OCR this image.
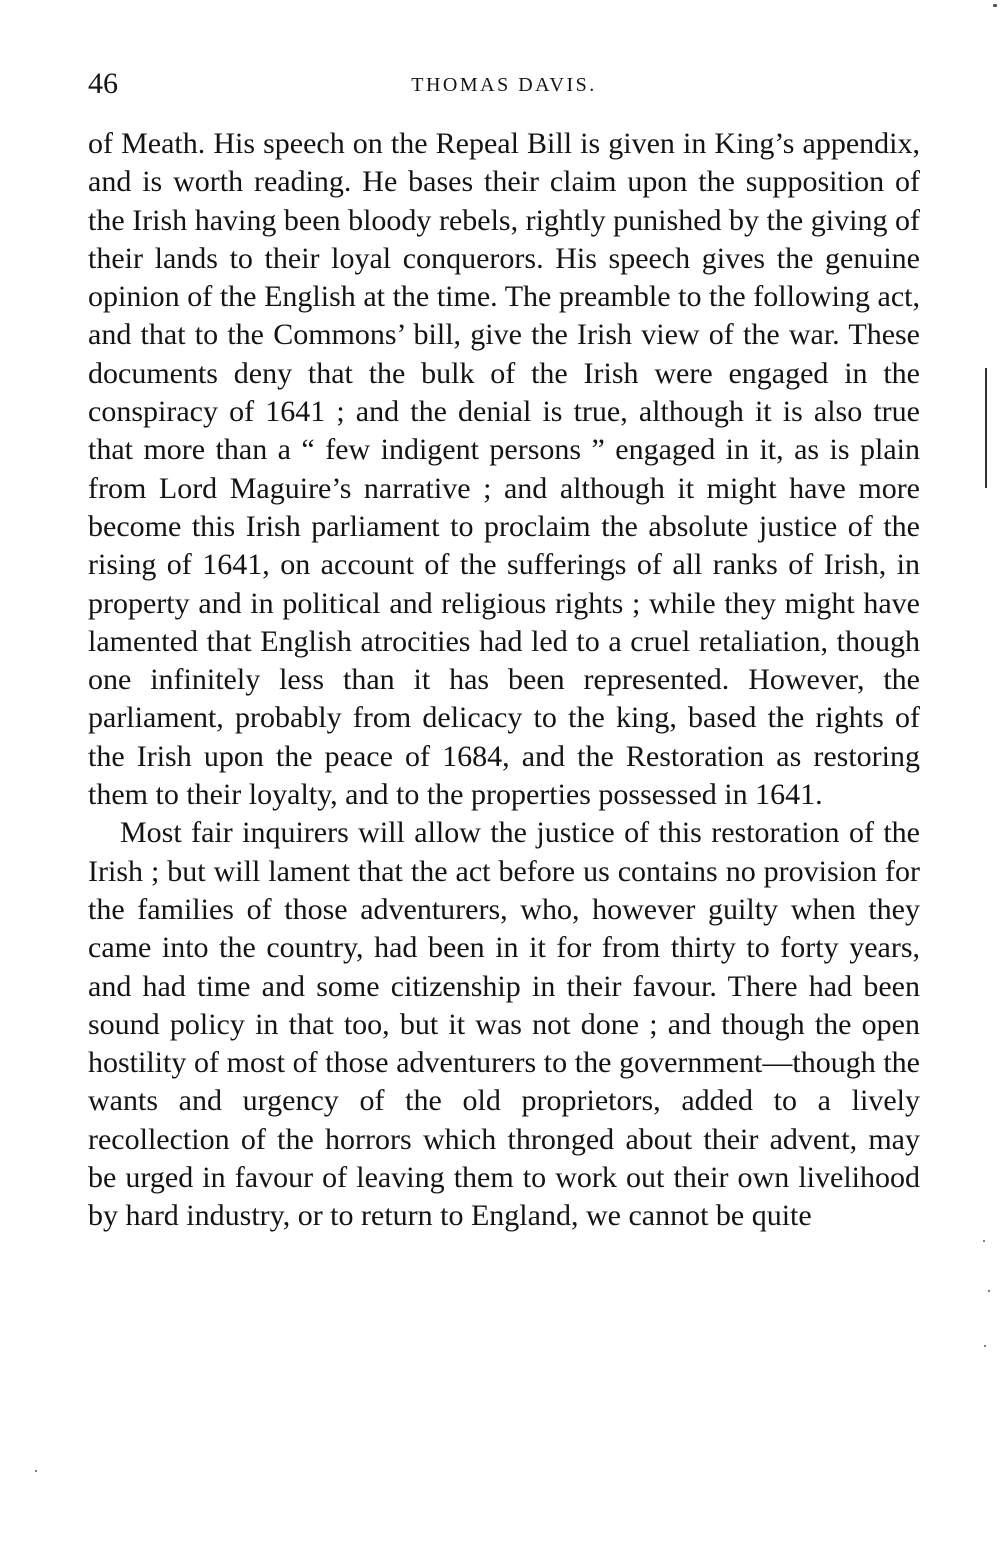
46	THOMAS DAVIS.

of Meath. His speech on the Repeal Bill is given in King’s appendix, and is worth reading. He bases their claim upon the supposition of the Irish having been bloody rebels, rightly punished by the giving of their lands to their loyal conquerors. His speech gives the genuine opinion of the English at the time. The preamble to the following act, and that to the Commons’ bill, give the Irish view of the war. These documents deny that the bulk of the Irish were engaged in the conspiracy of 1641 ; and the denial is true, although it is also true that more than a “ few indigent persons ” engaged in it, as is plain from Lord Maguire’s narrative ; and although it might have more become this Irish parliament to proclaim the absolute justice of the rising of 1641, on account of the sufferings of all ranks of Irish, in property and in political and religious rights ; while they might have lamented that English atrocities had led to a cruel retaliation, though one infinitely less than it has been represented. However, the parliament, probably from delicacy to the king, based the rights of the Irish upon the peace of 1684, and the Restoration as restoring them to their loyalty, and to the properties possessed in 1641.

Most fair inquirers will allow the justice of this restoration of the Irish ; but will lament that the act before us contains no provision for the families of those adventurers, who, however guilty when they came into the country, had been in it for from thirty to forty years, and had time and some citizenship in their favour. There had been sound policy in that too, but it was not done ; and though the open hostility of most of those adventurers to the government—though the wants and urgency of the old proprietors, added to a lively recollection of the horrors which thronged about their advent, may be urged in favour of leaving them to work out their own livelihood by hard industry, or to return to England, we cannot be quite
